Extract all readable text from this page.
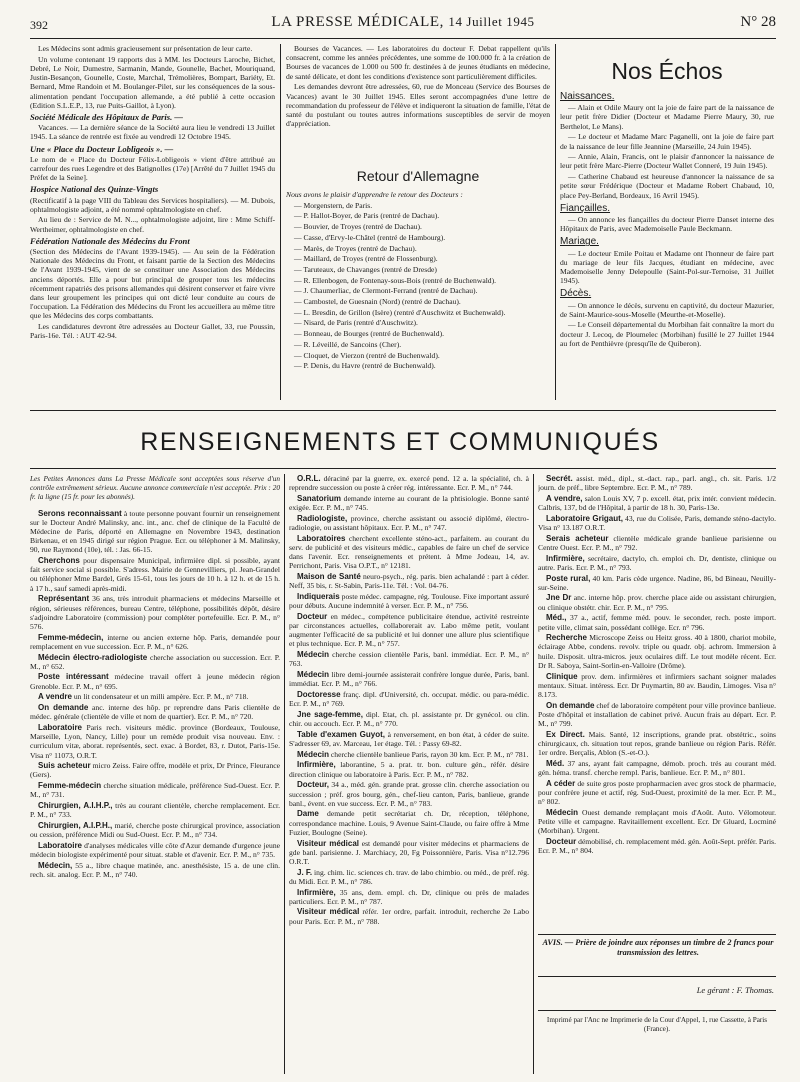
392	LA PRESSE MÉDICALE, 14 Juillet 1945	N° 28

Les Médecins sont admis gracieusement sur présentation de leur carte.

Un volume contenant 19 rapports dus à MM. les Docteurs Laroche, Bichet, Debré, Le Noir, Dumestre, Sarmanin, Mande, Gounelle, Bachet, Mouriquand, Justin-Besançon, Gounelle, Coste, Marchal, Trémolières, Bompart, Bariéty, Et. Bernard, Mme Randoin et M. Boulanger-Pilet, sur les conséquences de la sous-alimentation pendant l'occupation allemande, a été publié à cette occasion (Edition S.L.E.P., 13, rue Puits-Gaillot, à Lyon).

Société Médicale des Hôpitaux de Paris. —

Vacances. — La dernière séance de la Société aura lieu le vendredi 13 Juillet 1945. La séance de rentrée est fixée au vendredi 12 Octobre 1945.

Une « Place du Docteur Lobligeois ». —

Le nom de « Place du Docteur Félix-Lobligeois » vient d'être attribué au carrefour des rues Legendre et des Batignolles (17e) [Arrêté du 7 Juillet 1945 du Préfet de la Seine].

Hospice National des Quinze-Vingts

(Rectificatif à la page VIII du Tableau des Services hospitaliers). — M. Dubois, ophtalmologiste adjoint, a été nommé ophtalmologiste en chef.

Au lieu de : Service de M. N..., ophtalmologiste adjoint, lire : Mme Schiff-Wertheimer, ophtalmologiste en chef.

Fédération Nationale des Médecins du Front

(Section des Médecins de l'Avant 1939-1945). — Au sein de la Fédération Nationale des Médecins du Front, et faisant partie de la Section des Médecins de l'Avant 1939-1945, vient de se constituer une Association des Médecins anciens déportés. Elle a pour but principal de grouper tous les médecins récemment rapatriés des prisons allemandes qui désirent conserver et faire vivre dans leur groupement les principes qui ont dicté leur conduite au cours de l'occupation. La Fédération des Médecins du Front les accueillera au même titre que les Médecins des corps combattants.

Les candidatures devront être adressées au Docteur Gallet, 33, rue Poussin, Paris-16e. Tél. : AUT 42-94.

Bourses de Vacances. — Les laboratoires du docteur F. Debat rappellent qu'ils consacrent, comme les années précédentes, une somme de 100.000 fr. à la création de Bourses de vacances de 1.000 ou 500 fr. destinées à de jeunes étudiants en médecine, de santé délicate, et dont les conditions d'existence sont particulièrement difficiles.

Les demandes devront être adressées, 60, rue de Monceau (Service des Bourses de Vacances) avant le 30 Juillet 1945. Elles seront accompagnées d'une lettre de recommandation du professeur de l'élève et indiqueront la situation de famille, l'état de santé du postulant ou toutes autres informations susceptibles de servir de moyen d'appréciation.

Retour d'Allemagne

Nous avons le plaisir d'apprendre le retour des Docteurs :

— Morgenstern, de Paris.

— P. Hallot-Boyer, de Paris (rentré de Dachau).

— Bouvier, de Troyes (rentré de Dachau).

— Casse, d'Ervy-le-Châtel (rentré de Hambourg).

— Marès, de Troyes (rentré de Dachau).

— Maillard, de Troyes (rentré de Flossenburg).

— Taruteaux, de Chavanges (rentré de Dresde)

— R. Ellenbogen, de Fontenay-sous-Bois (rentré de Buchenwald).

— J. Chaumerliac, de Clermont-Ferrand (rentré de Dachau).

— Cambostel, de Guesnain (Nord) (rentré de Dachau).

— L. Bresdin, de Grillon (Isère) (rentré d'Auschwitz et Buchenwald).

— Nisard, de Paris (rentré d'Auschwitz).

— Bonneau, de Bourges (rentré de Buchenwald).

— R. Léveillé, de Sancoins (Cher).

— Cloquet, de Vierzon (rentré de Buchenwald).

— P. Denis, du Havre (rentré de Buchenwald).

Nos Échos
Naissances.

— Alain et Odile Maury ont la joie de faire part de la naissance de leur petit frère Didier (Docteur et Madame Pierre Maury, 30, rue Berthelot, Le Mans).

— Le docteur et Madame Marc Paganelli, ont la joie de faire part de la naissance de leur fille Jeannine (Marseille, 24 Juin 1945).

— Annie, Alain, Francis, ont le plaisir d'annoncer la naissance de leur petit frère Marc-Pierre (Docteur Wallet Conneré, 19 Juin 1945).

— Catherine Chabaud est heureuse d'annoncer la naissance de sa petite sœur Frédérique (Docteur et Madame Robert Chabaud, 10, place Pey-Berland, Bordeaux, 16 Avril 1945).

Fiançailles.

— On annonce les fiançailles du docteur Pierre Danset interne des Hôpitaux de Paris, avec Mademoiselle Paule Beckmann.

Mariage.

— Le docteur Emile Poitau et Madame ont l'honneur de faire part du mariage de leur fils Jacques, étudiant en médecine, avec Mademoiselle Jenny Delepoulle (Saint-Pol-sur-Ternoise, 31 Juillet 1945).

Décès.

— On annonce le décès, survenu en captivité, du docteur Mazurier, de Saint-Maurice-sous-Moselle (Meurthe-et-Moselle).

— Le Conseil départemental du Morbihan fait connaître la mort du docteur J. Lecoq, de Ploumelec (Morbihan) fusillé le 27 Juillet 1944 au fort de Penthièvre (presqu'île de Quiberon).

RENSEIGNEMENTS ET COMMUNIQUÉS

Les Petites Annonces dans La Presse Médicale sont acceptées sous réserve d'un contrôle extrêmement sérieux. Aucune annonce commerciale n'est acceptée. Prix : 20 fr. la ligne (15 fr. pour les abonnés).

Serons reconnaissant à toute personne pouvant fournir un renseignement sur le Docteur André Malinsky, anc. int., anc. chef de clinique de la Faculté de Médecine de Paris, déporté en Allemagne en Novembre 1943, destination Birkenau, et en 1945 dirigé sur région Prague. Ecr. ou téléphoner à M. Malinsky, 90, rue Raymond (10e), tél. : Jas. 66-15.

Cherchons pour dispensaire Municipal, infirmière dipl. si possible, ayant fait service social si possible. S'adress. Mairie de Gennevilliers, pl. Jean-Grandel ou téléphoner Mme Bardel, Grés 15-61, tous les jours de 10 h. à 12 h. et de 15 h. à 17 h., sauf samedi après-midi.

Représentant 36 ans, très introduit pharmaciens et médecins Marseille et région, sérieuses références, bureau Centre, téléphone, possibilités dépôt, désire s'adjoindre Laboratoire (commission) pour compléter portefeuille. Ecr. P. M., n° 576.

Femme-médecin, interne ou ancien externe hôp. Paris, demandée pour remplacement en vue succession. Ecr. P. M., n° 626.

Médecin électro-radiologiste cherche association ou succession. Ecr. P. M., n° 652.

Poste intéressant médecine travail offert à jeune médecin région Grenoble. Ecr. P. M., n° 695.

A vendre un lit condensateur et un milli ampère. Ecr. P. M., n° 718.

On demande anc. interne des hôp. pr reprendre dans Paris clientèle de médec. générale (clientèle de ville et nom de quartier). Ecr. P. M., n° 720.

Laboratoire Paris rech. visiteurs médic. province (Bordeaux, Toulouse, Marseille, Lyon, Nancy, Lille) pour un remède produit visa nouveau. Env. : curriculum vitæ, aborat. représentés, sect. exac. à Bordet, 83, r. Dutot, Paris-15e. Visa n° 11073, O.R.T.

Suis acheteur micro Zeiss. Faire offre, modèle et prix, Dr Prince, Fleurance (Gers).

Femme-médecin cherche situation médicale, préférence Sud-Ouest. Ecr. P. M., n° 731.

Chirurgien, A.I.H.P., très au courant clientèle, cherche remplacement. Ecr. P. M., n° 733.

Chirurgien, A.I.P.H., marié, cherche poste chirurgical province, association ou cession, préférence Midi ou Sud-Ouest. Ecr. P. M., n° 734.

Laboratoire d'analyses médicales ville côte d'Azur demande d'urgence jeune médecin biologiste expérimenté pour situat. stable et d'avenir. Ecr. P. M., n° 735.

Médecin, 55 a., libre chaque matinée, anc. anesthésiste, 15 a. de une clin. rech. sit. analog. Ecr. P. M., n° 740.

O.R.L. déraciné par la guerre, ex. exercé pend. 12 a. la spécialité, ch. à reprendre succession ou poste à créer rég. intéressante. Ecr. P. M., n° 744.

Sanatorium demande interne au courant de la phtisiologie. Bonne santé exigée. Ecr. P. M., n° 745.

Radiologiste, province, cherche assistant ou associé diplômé, électro-radiologie, ou assistant hôpitaux. Ecr. P. M., n° 747.

Laboratoires cherchent excellente sténo-act., parfaitem. au courant du serv. de publicité et des visiteurs médic., capables de faire un chef de service dans l'avenir. Ecr. renseignements et prétent. à Mme Jodeau, 14, av. Perrichont, Paris. Visa O.P.T., n° 12181.

Maison de Santé neuro-psych., rég. paris. bien achalandé : part à céder. Neff, 35 bis, r. St-Sabin, Paris-11e. Tél. : Vol. 04-76.

Indiquerais poste médec. campagne, rég. Toulouse. Fixe important assuré pour débuts. Aucune indemnité à verser. Ecr. P. M., n° 756.

Docteur en médec., compétence publicitaire étendue, activité restreinte par circonstances actuelles, collaborerait av. Labo même petit, voulant augmenter l'efficacité de sa publicité et lui donner une allure plus scientifique et plus technique. Ecr. P. M., n° 757.

Médecin cherche cession clientèle Paris, banl. immédiat. Ecr. P. M., n° 763.

Médecin libre demi-journée assisterait confrère longue durée, Paris, banl. immédiat. Ecr. P. M., n° 766.

Doctoresse franç. dipl. d'Université, ch. occupat. médic. ou para-médic. Ecr. P. M., n° 769.

Jne sage-femme, dipl. Etat, ch. pl. assistante pr. Dr gynécol. ou clin. chir. ou accouch. Ecr. P. M., n° 770.

Table d'examen Guyot, à renversement, en bon état, à céder de suite. S'adresser 69, av. Marceau, 1er étage. Tél. : Passy 69-82.

Médecin cherche clientèle banlieue Paris, rayon 30 km. Ecr. P. M., n° 781.

Infirmière, laborantine, 5 a. prat. tr. bon. culture gén., référ. désire direction clinique ou laboratoire à Paris. Ecr. P. M., n° 782.

Docteur, 34 a., méd. gén. grande prat. grosse clin. cherche association ou succession ; préf. gros bourg, gén., chef-lieu canton, Paris, banlieue, grande banl., évent. en vue success. Ecr. P. M., n° 783.

Dame demande petit secrétariat ch. Dr, réception, téléphone, correspondance machine. Louis, 9 Avenue Saint-Claude, ou faire offre à Mme Fuzier, Boulogne (Seine).

Visiteur médical est demandé pour visiter médecins et pharmaciens de gde banl. parisienne. J. Marchiacy, 20, Fg Poissonnière, Paris. Visa n°12.796 O.R.T.

J. F. ing. chim. lic. sciences ch. trav. de labo chimbio. ou méd., de préf. rég. du Midi. Ecr. P. M., n° 786.

Infirmière, 35 ans, dem. empl. ch. Dr, clinique ou près de malades particuliers. Ecr. P. M., n° 787.

Visiteur médical référ. 1er ordre, parfait. introduit, recherche 2e Labo pour Paris. Ecr. P. M., n° 788.

Secrét. assist. méd., dipl., st.-dact. rap., parl. angl., ch. sit. Paris. 1/2 journ. de préf., libre Septembre. Ecr. P. M., n° 789.

A vendre, salon Louis XV, 7 p. excell. état, prix intér. convient médecin. Calbris, 137, bd de l'Hôpital, à partir de 18 h. 30, Paris-13e.

Laboratoire Grigaut, 43, rue du Colisée, Paris, demande sténo-dactylo. Visa n° 13.187 O.R.T.

Serais acheteur clientèle médicale grande banlieue parisienne ou Centre Ouest. Ecr. P. M., n° 792.

Infirmière, secrétaire, dactylo, ch. emploi ch. Dr, dentiste, clinique ou autre. Paris. Ecr. P. M., n° 793.

Poste rural, 40 km. Paris cède urgence. Nadine, 86, bd Bineau, Neuilly-sur-Seine.

Jne Dr anc. interne hôp. prov. cherche place aide ou assistant chirurgien, ou clinique obstétr. chir. Ecr. P. M., n° 795.

Méd., 37 a., actif, femme méd. pouv. le seconder, rech. poste import. petite ville, climat sain, possédant collège. Ecr. n° 796.

Recherche Microscope Zeiss ou Heitz gross. 40 à 1800, chariot mobile, éclairage Abbe, condens. revolv. triple ou quadr. obj. achrom. Immersion à huile. Disposit. ultra-micros. jeux oculaires diff. Le tout modèle récent. Ecr. Dr R. Saboya, Saint-Sorlin-en-Valloire (Drôme).

Clinique prov. dem. infirmières et infirmiers sachant soigner malades mentaux. Situat. intéress. Ecr. Dr Puymartin, 80 av. Baudin, Limoges. Visa n° 8.173.

On demande chef de laboratoire compétent pour ville province banlieue. Poste d'hôpital et installation de cabinet privé. Aucun frais au départ. Ecr. P. M., n° 799.

Ex Direct. Mais. Santé, 12 inscriptions, grande prat. obstétric., soins chirurgicaux, ch. situation tout repos, grande banlieue ou région Paris. Référ. 1er ordre. Berçalis, Ablon (S.-et-O.).

Méd. 37 ans, ayant fait campagne, démob. proch. trés au courant méd. gén. héma. transf. cherche rempl. Paris, banlieue. Ecr. P. M., n° 801.

A céder de suite gros poste propharmacien avec gros stock de pharmacie, pour confrère jeune et actif, rég. Sud-Ouest, proximité de la mer. Ecr. P. M., n° 802.

Médecin Ouest demande remplaçant mois d'Août. Auto. Vélomoteur. Petite ville et campagne. Ravitaillement excellent. Ecr. Dr Gluard, Locminé (Morbihan). Urgent.

Docteur démobilisé, ch. remplacement méd. gén. Août-Sept. préfér. Paris. Ecr. P. M., n° 804.

AVIS. — Prière de joindre aux réponses un timbre de 2 francs pour transmission des lettres.
Le gérant : F. Thomas.
Imprimé par l'Anc ne Imprimerie de la Cour d'Appel, 1, rue Cassette, à Paris (France).
